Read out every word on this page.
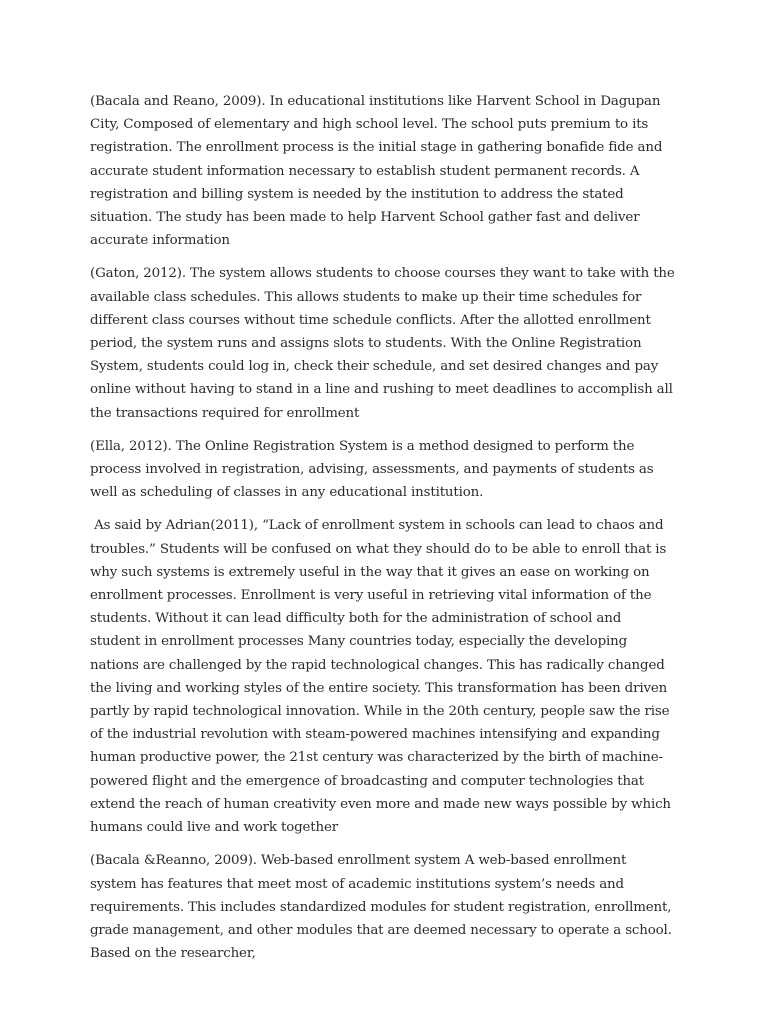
(Bacala and Reano, 2009). In educational institutions like Harvent School in Dagupan City, Composed of elementary and high school level. The school puts premium to its registration. The enrollment process is the initial stage in gathering bonafide fide and accurate student information necessary to establish student permanent records. A registration and billing system is needed by the institution to address the stated situation. The study has been made to help Harvent School gather fast and deliver accurate information

(Gaton, 2012). The system allows students to choose courses they want to take with the available class schedules. This allows students to make up their time schedules for different class courses without time schedule conflicts. After the allotted enrollment period, the system runs and assigns slots to students. With the Online Registration System, students could log in, check their schedule, and set desired changes and pay online without having to stand in a line and rushing to meet deadlines to accomplish all the transactions required for enrollment

(Ella, 2012). The Online Registration System is a method designed to perform the process involved in registration, advising, assessments, and payments of students as well as scheduling of classes in any educational institution.

As said by Adrian(2011), “Lack of enrollment system in schools can lead to chaos and troubles.” Students will be confused on what they should do to be able to enroll that is why such systems is extremely useful in the way that it gives an ease on working on enrollment processes. Enrollment is very useful in retrieving vital information of the students. Without it can lead difficulty both for the administration of school and student in enrollment processes Many countries today, especially the developing nations are challenged by the rapid technological changes. This has radically changed the living and working styles of the entire society. This transformation has been driven partly by rapid technological innovation. While in the 20th century, people saw the rise of the industrial revolution with steam-powered machines intensifying and expanding human productive power, the 21st century was characterized by the birth of machine-powered flight and the emergence of broadcasting and computer technologies that extend the reach of human creativity even more and made new ways possible by which humans could live and work together

(Bacala &Reanno, 2009). Web-based enrollment system A web-based enrollment system has features that meet most of academic institutions system’s needs and requirements. This includes standardized modules for student registration, enrollment, grade management, and other modules that are deemed necessary to operate a school. Based on the researcher,
